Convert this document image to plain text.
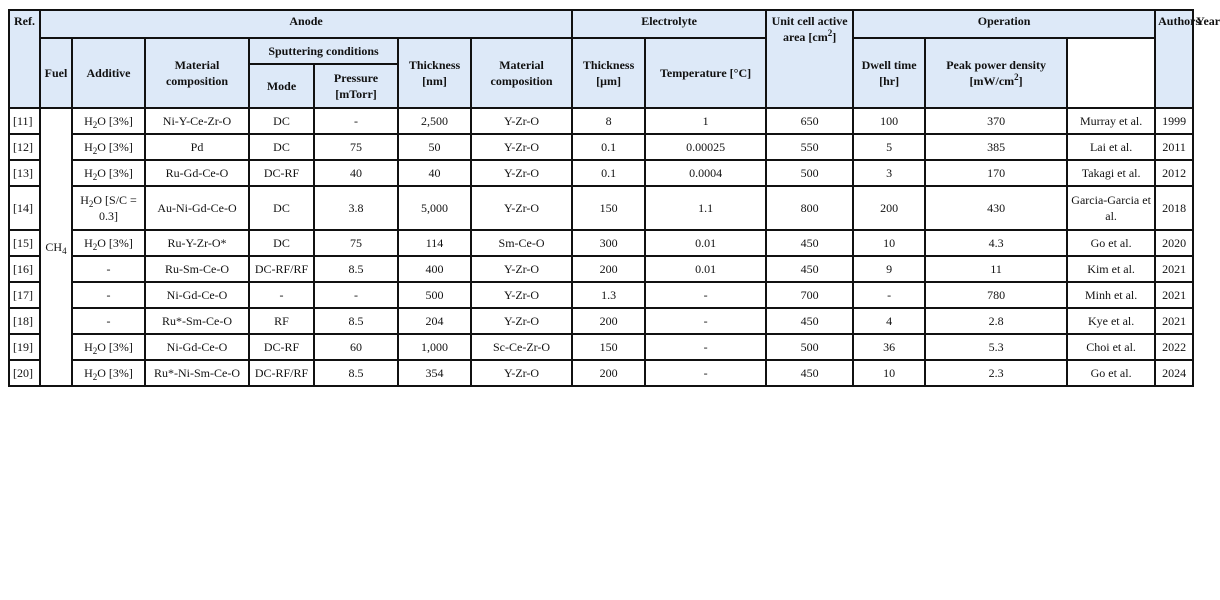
Ref.	Anode							Electrolyte		Unit cell active area $[cm^2]$	Operation			Authors	Year
	Fuel	Additive	Material composition	Sputtering conditions		Thickness [nm]	Material composition	Thickness [μm]	Temperature [°C]		Dwell time [hr]	Peak power density $[mW/cm^2]$			
				Mode	Pressure [mTorr]										
[11]	$CH_4$	$H_2O$ [3%]	Ni-Y-Ce-Zr-O	DC	-	2,500	Y-Zr-O	8	1	650	100	370	Murray et al.	1999	
[12]		$H_2O$ [3%]	Pd	DC	75	50	Y-Zr-O	0.1	0.00025	550	5	385	Lai et al.	2011	
[13]		$H_2O$ [3%]	Ru-Gd-Ce-O	DC-RF	40	40	Y-Zr-O	0.1	0.0004	500	3	170	Takagi et al.	2012	
[14]		$H_2O$ [S/C = 0.3]	Au-Ni-Gd-Ce-O	DC	3.8	5,000	Y-Zr-O	150	1.1	800	200	430	Garcia-Garcia et al.	2018	
[15]		$H_2O$ [3%]	Ru-Y-Zr-O*	DC	75	114	Sm-Ce-O	300	0.01	450	10	4.3	Go et al.	2020	
[16]		-	Ru-Sm-Ce-O	DC-RF/RF	8.5	400	Y-Zr-O	200	0.01	450	9	11	Kim et al.	2021	
[17]		-	Ni-Gd-Ce-O	-	-	500	Y-Zr-O	1.3	-	700	-	780	Minh et al.	2021	
[18]		-	Ru*-Sm-Ce-O	RF	8.5	204	Y-Zr-O	200	-	450	4	2.8	Kye et al.	2021	
[19]		$H_2O$ [3%]	Ni-Gd-Ce-O	DC-RF	60	1,000	Sc-Ce-Zr-O	150	-	500	36	5.3	Choi et al.	2022	
[20]		$H_2O$ [3%]	Ru*-Ni-Sm-Ce-O	DC-RF/RF	8.5	354	Y-Zr-O	200	-	450	10	2.3	Go et al.	2024	
